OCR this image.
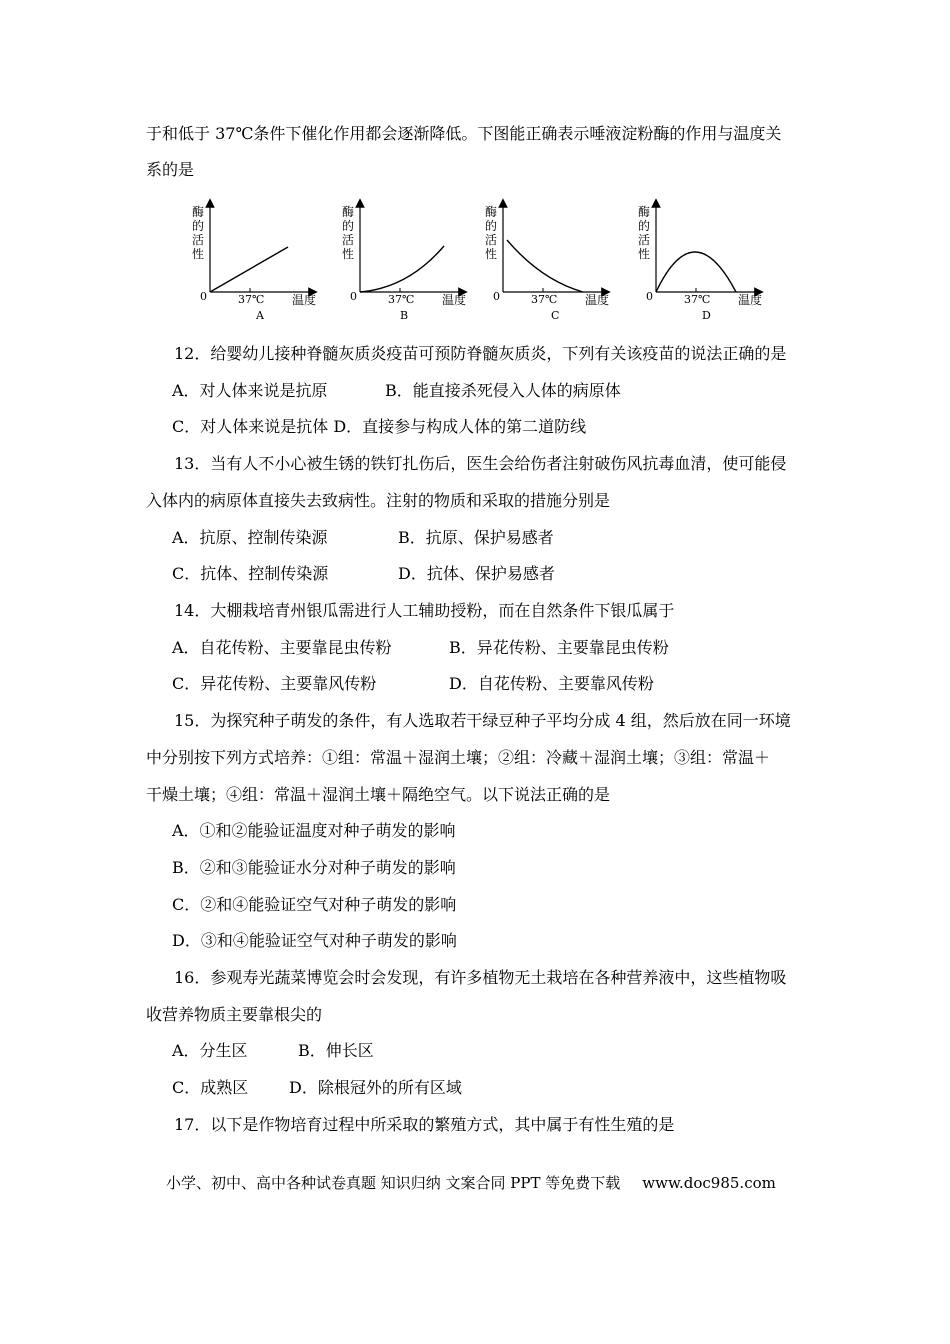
于和低于 37℃条件下催化作用都会逐渐降低。下图能正确表示唾液淀粉酶的作用与温度关
系的是
酶
的
活
性
0	37℃ 温度
A
酶
的
活
性
0	37℃ 温度
B
酶
的
活
性
0	37℃ 温度
C
酶
的
活
性
0	37℃ 温度
D
12．给婴幼儿接种脊髓灰质炎疫苗可预防脊髓灰质炎，下列有关该疫苗的说法正确的是
A．对人体来说是抗原	B．能直接杀死侵入人体的病原体
C．对人体来说是抗体 D．直接参与构成人体的第二道防线
13．当有人不小心被生锈的铁钉扎伤后，医生会给伤者注射破伤风抗毒血清，使可能侵
入体内的病原体直接失去致病性。注射的物质和采取的措施分别是
A．抗原、控制传染源	B．抗原、保护易感者
C．抗体、控制传染源	D．抗体、保护易感者
14．大棚栽培青州银瓜需进行人工辅助授粉，而在自然条件下银瓜属于
A．自花传粉、主要靠昆虫传粉	B．异花传粉、主要靠昆虫传粉
C．异花传粉、主要靠风传粉	D．自花传粉、主要靠风传粉
15．为探究种子萌发的条件，有人选取若干绿豆种子平均分成 4 组，然后放在同一环境
中分别按下列方式培养：①组：常温＋湿润土壤；②组：冷藏＋湿润土壤；③组：常温＋
干燥土壤；④组：常温＋湿润土壤＋隔绝空气。以下说法正确的是
A．①和②能验证温度对种子萌发的影响
B．②和③能验证水分对种子萌发的影响
C．②和④能验证空气对种子萌发的影响
D．③和④能验证空气对种子萌发的影响
16．参观寿光蔬菜博览会时会发现，有许多植物无土栽培在各种营养液中，这些植物吸
收营养物质主要靠根尖的
A．分生区	B．伸长区
C．成熟区	D．除根冠外的所有区域
17．以下是作物培育过程中所采取的繁殖方式，其中属于有性生殖的是
小学、初中、高中各种试卷真题 知识归纳 文案合同 PPT 等免费下载 www.doc985.com
